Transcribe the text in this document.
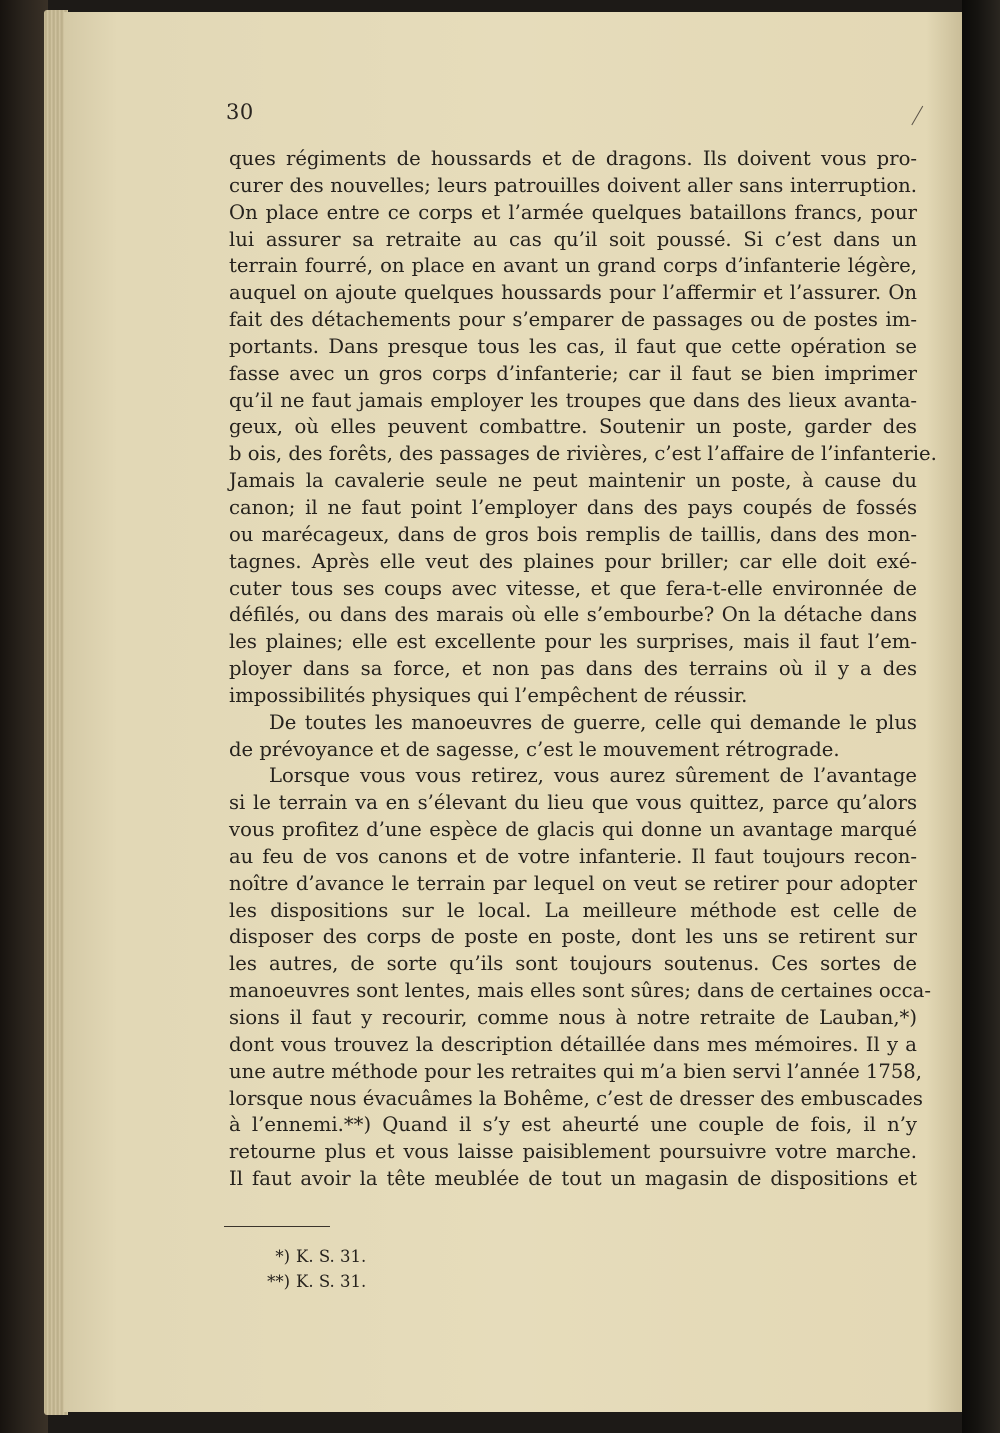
30
ques régiments de houssards et de dragons. Ils doivent vous pro-
curer des nouvelles; leurs patrouilles doivent aller sans interruption.
On place entre ce corps et l’armée quelques bataillons francs, pour
lui assurer sa retraite au cas qu’il soit poussé. Si c’est dans un
terrain fourré, on place en avant un grand corps d’infanterie légère,
auquel on ajoute quelques houssards pour l’affermir et l’assurer. On
fait des détachements pour s’emparer de passages ou de postes im-
portants. Dans presque tous les cas, il faut que cette opération se
fasse avec un gros corps d’infanterie; car il faut se bien imprimer
qu’il ne faut jamais employer les troupes que dans des lieux avanta-
geux, où elles peuvent combattre. Soutenir un poste, garder des
b ois, des forêts, des passages de rivières, c’est l’affaire de l’infanterie.
Jamais la cavalerie seule ne peut maintenir un poste, à cause du
canon; il ne faut point l’employer dans des pays coupés de fossés
ou marécageux, dans de gros bois remplis de taillis, dans des mon-
tagnes. Après elle veut des plaines pour briller; car elle doit exé-
cuter tous ses coups avec vitesse, et que fera-t-elle environnée de
défilés, ou dans des marais où elle s’embourbe? On la détache dans
les plaines; elle est excellente pour les surprises, mais il faut l’em-
ployer dans sa force, et non pas dans des terrains où il y a des
impossibilités physiques qui l’empêchent de réussir.
De toutes les manoeuvres de guerre, celle qui demande le plus
de prévoyance et de sagesse, c’est le mouvement rétrograde.
Lorsque vous vous retirez, vous aurez sûrement de l’avantage
si le terrain va en s’élevant du lieu que vous quittez, parce qu’alors
vous profitez d’une espèce de glacis qui donne un avantage marqué
au feu de vos canons et de votre infanterie. Il faut toujours recon-
noître d’avance le terrain par lequel on veut se retirer pour adopter
les dispositions sur le local. La meilleure méthode est celle de
disposer des corps de poste en poste, dont les uns se retirent sur
les autres, de sorte qu’ils sont toujours soutenus. Ces sortes de
manoeuvres sont lentes, mais elles sont sûres; dans de certaines occa-
sions il faut y recourir, comme nous à notre retraite de Lauban,*)
dont vous trouvez la description détaillée dans mes mémoires. Il y a
une autre méthode pour les retraites qui m’a bien servi l’année 1758,
lorsque nous évacuâmes la Bohême, c’est de dresser des embuscades
à l’ennemi.**) Quand il s’y est aheurté une couple de fois, il n’y
retourne plus et vous laisse paisiblement poursuivre votre marche.
Il faut avoir la tête meublée de tout un magasin de dispositions et
*) K. S. 31.
**) K. S. 31.
